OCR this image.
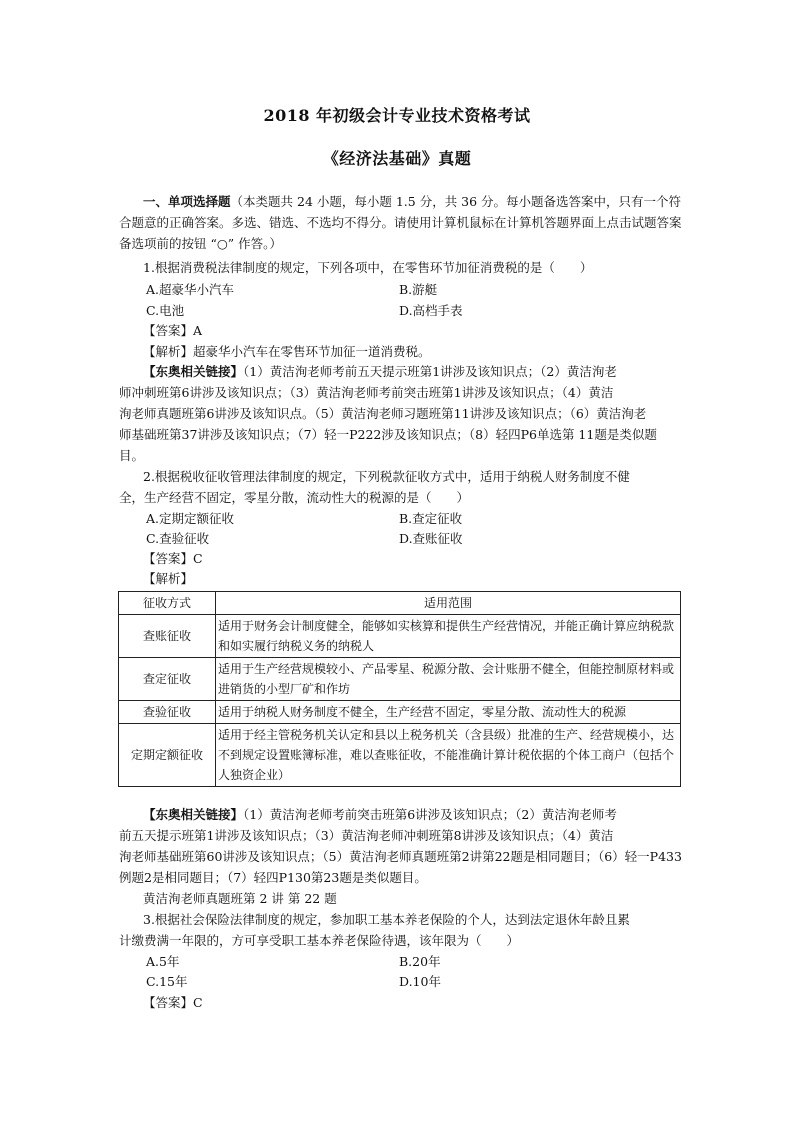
2018 年初级会计专业技术资格考试
《经济法基础》真题
一、单项选择题（本类题共 24 小题，每小题 1.5 分，共 36 分。每小题备选答案中，只有一个符
合题意的正确答案。多选、错选、不选均不得分。请使用计算机鼠标在计算机答题界面上点击试题答案
备选项前的按钮 “○” 作答。）
1.根据消费税法律制度的规定，下列各项中，在零售环节加征消费税的是（　　）
A.超豪华小汽车	B.游艇
C.电池	D.高档手表
【答案】A
【解析】超豪华小汽车在零售环节加征一道消费税。
【东奥相关链接】（1）黄洁洵老师考前五天提示班第1讲涉及该知识点；（2）黄洁洵老
师冲刺班第6讲涉及该知识点；（3）黄洁洵老师考前突击班第1讲涉及该知识点；（4）黄洁
洵老师真题班第6讲涉及该知识点。（5）黄洁洵老师习题班第11讲涉及该知识点；（6）黄洁洵老
师基础班第37讲涉及该知识点；（7）轻一P222涉及该知识点；（8）轻四P6单选第 11题是类似题
目。
2.根据税收征收管理法律制度的规定，下列税款征收方式中，适用于纳税人财务制度不健
全，生产经营不固定，零星分散，流动性大的税源的是（　　）
A.定期定额征收	B.查定征收
C.查验征收	D.查账征收
【答案】C
【解析】
征收方式	适用范围
查账征收	适用于财务会计制度健全，能够如实核算和提供生产经营情况，并能正确计算应纳税款和如实履行纳税义务的纳税人
查定征收	适用于生产经营规模较小、产品零星、税源分散、会计账册不健全，但能控制原材料或进销货的小型厂矿和作坊
查验征收	适用于纳税人财务制度不健全，生产经营不固定，零星分散、流动性大的税源
定期定额征收	适用于经主管税务机关认定和县以上税务机关（含县级）批准的生产、经营规模小，达不到规定设置账簿标准，难以查账征收，不能准确计算计税依据的个体工商户（包括个人独资企业）
【东奥相关链接】（1）黄洁洵老师考前突击班第6讲涉及该知识点；（2）黄洁洵老师考
前五天提示班第1讲涉及该知识点；（3）黄洁洵老师冲刺班第8讲涉及该知识点；（4）黄洁
洵老师基础班第60讲涉及该知识点；（5）黄洁洵老师真题班第2讲第22题是相同题目；（6）轻一P433
例题2是相同题目；（7）轻四P130第23题是类似题目。
黄洁洵老师真题班第 2 讲 第 22 题
3.根据社会保险法律制度的规定，参加职工基本养老保险的个人，达到法定退休年龄且累
计缴费满一年限的，方可享受职工基本养老保险待遇，该年限为（　　）
A.5年	B.20年
C.15年	D.10年
【答案】C
